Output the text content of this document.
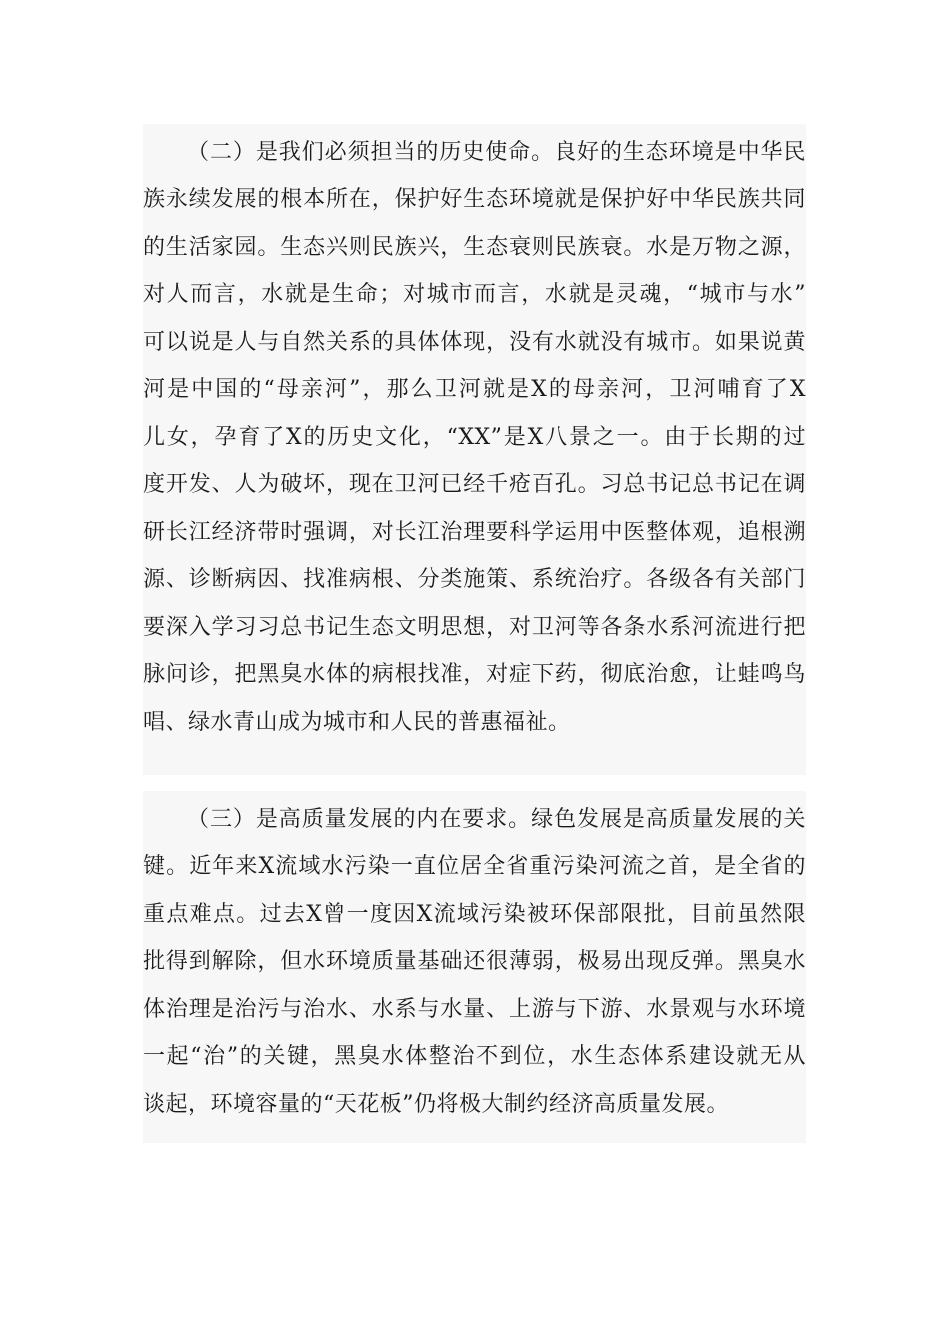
（二）是我们必须担当的历史使命。良好的生态环境是中华民
族永续发展的根本所在，保护好生态环境就是保护好中华民族共同
的生活家园。生态兴则民族兴，生态衰则民族衰。水是万物之源，
对人而言，水就是生命；对城市而言，水就是灵魂，“城市与水”
可以说是人与自然关系的具体体现，没有水就没有城市。如果说黄
河是中国的“母亲河”，那么卫河就是X的母亲河，卫河哺育了X
儿女，孕育了X的历史文化，“XX”是X八景之一。由于长期的过
度开发、人为破坏，现在卫河已经千疮百孔。习总书记总书记在调
研长江经济带时强调，对长江治理要科学运用中医整体观，追根溯
源、诊断病因、找准病根、分类施策、系统治疗。各级各有关部门
要深入学习习总书记生态文明思想，对卫河等各条水系河流进行把
脉问诊，把黑臭水体的病根找准，对症下药，彻底治愈，让蛙鸣鸟
唱、绿水青山成为城市和人民的普惠福祉。
（三）是高质量发展的内在要求。绿色发展是高质量发展的关
键。近年来X流域水污染一直位居全省重污染河流之首，是全省的
重点难点。过去X曾一度因X流域污染被环保部限批，目前虽然限
批得到解除，但水环境质量基础还很薄弱，极易出现反弹。黑臭水
体治理是治污与治水、水系与水量、上游与下游、水景观与水环境
一起“治”的关键，黑臭水体整治不到位，水生态体系建设就无从
谈起，环境容量的“天花板”仍将极大制约经济高质量发展。
